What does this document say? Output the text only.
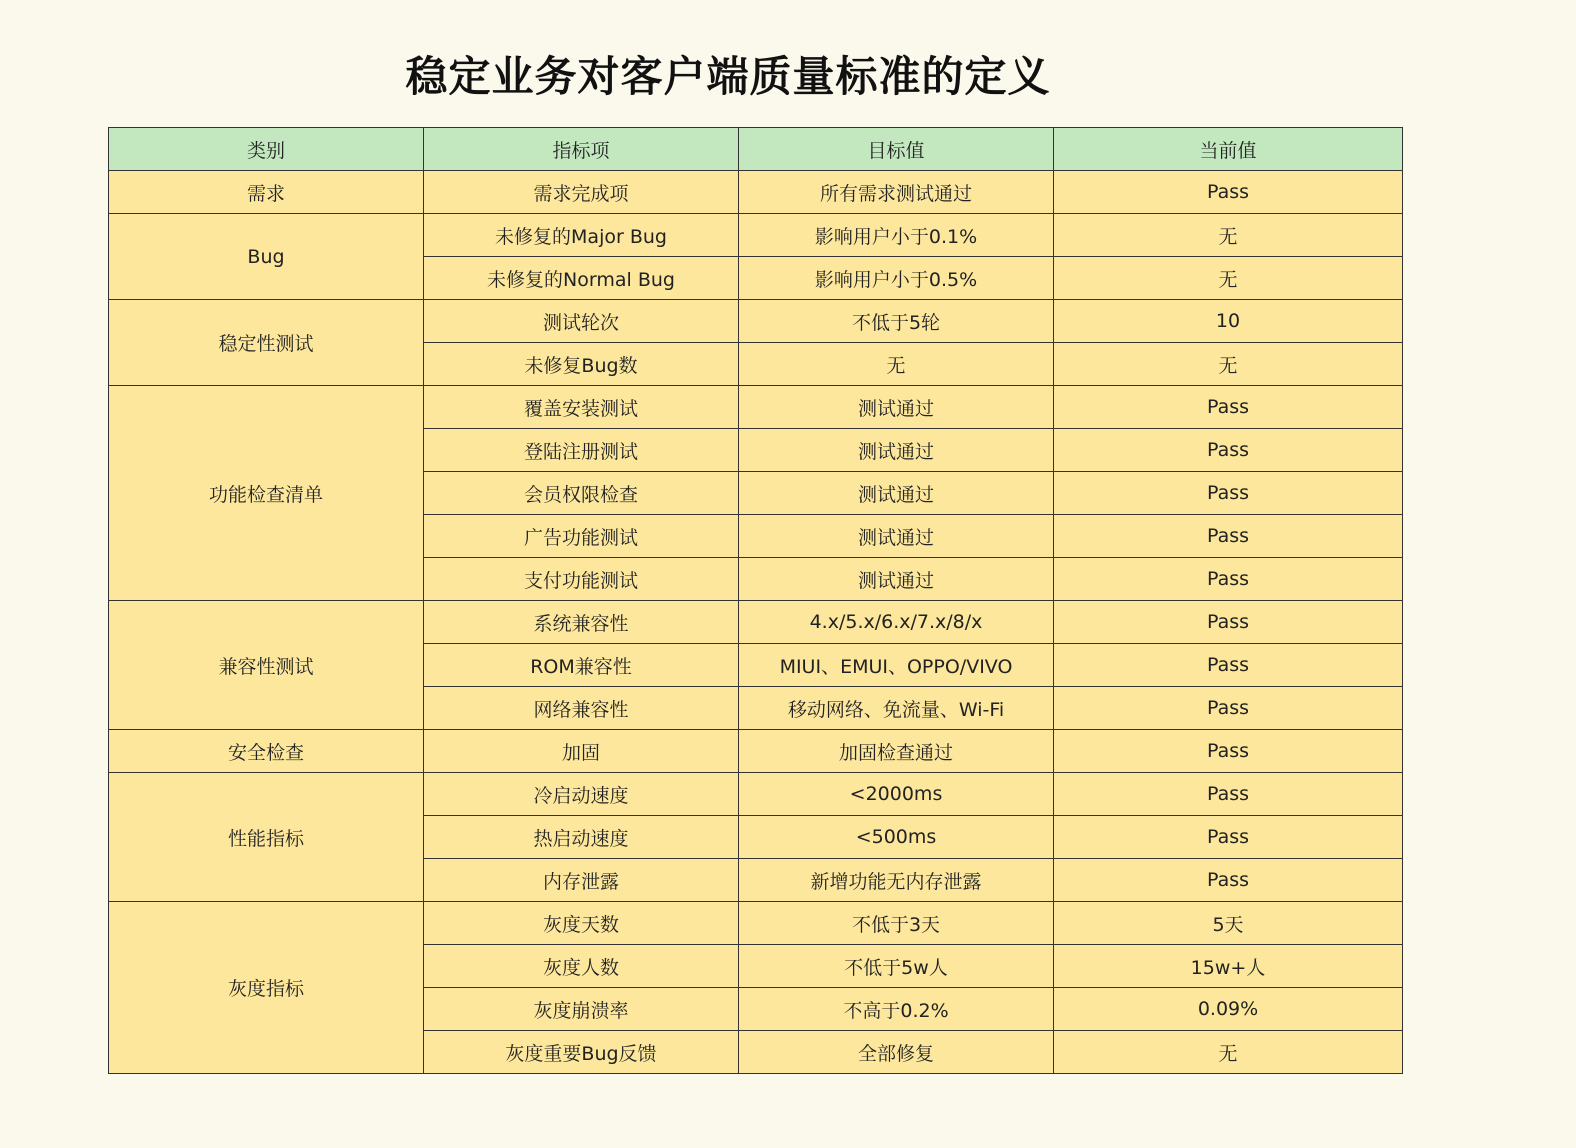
稳定业务对客户端质量标准的定义
类别	指标项	目标值	当前值
需求	需求完成项	所有需求测试通过	Pass
Bug	未修复的Major Bug	影响用户小于0.1%	无
	未修复的Normal Bug	影响用户小于0.5%	无
稳定性测试	测试轮次	不低于5轮	10
	未修复Bug数	无	无
功能检查清单	覆盖安装测试	测试通过	Pass
	登陆注册测试	测试通过	Pass
	会员权限检查	测试通过	Pass
	广告功能测试	测试通过	Pass
	支付功能测试	测试通过	Pass
兼容性测试	系统兼容性	4.x/5.x/6.x/7.x/8/x	Pass
	ROM兼容性	MIUI、EMUI、OPPO/VIVO	Pass
	网络兼容性	移动网络、免流量、Wi-Fi	Pass
安全检查	加固	加固检查通过	Pass
性能指标	冷启动速度	<2000ms	Pass
	热启动速度	<500ms	Pass
	内存泄露	新增功能无内存泄露	Pass
灰度指标	灰度天数	不低于3天	5天
	灰度人数	不低于5w人	15w+人
	灰度崩溃率	不高于0.2%	0.09%
	灰度重要Bug反馈	全部修复	无
